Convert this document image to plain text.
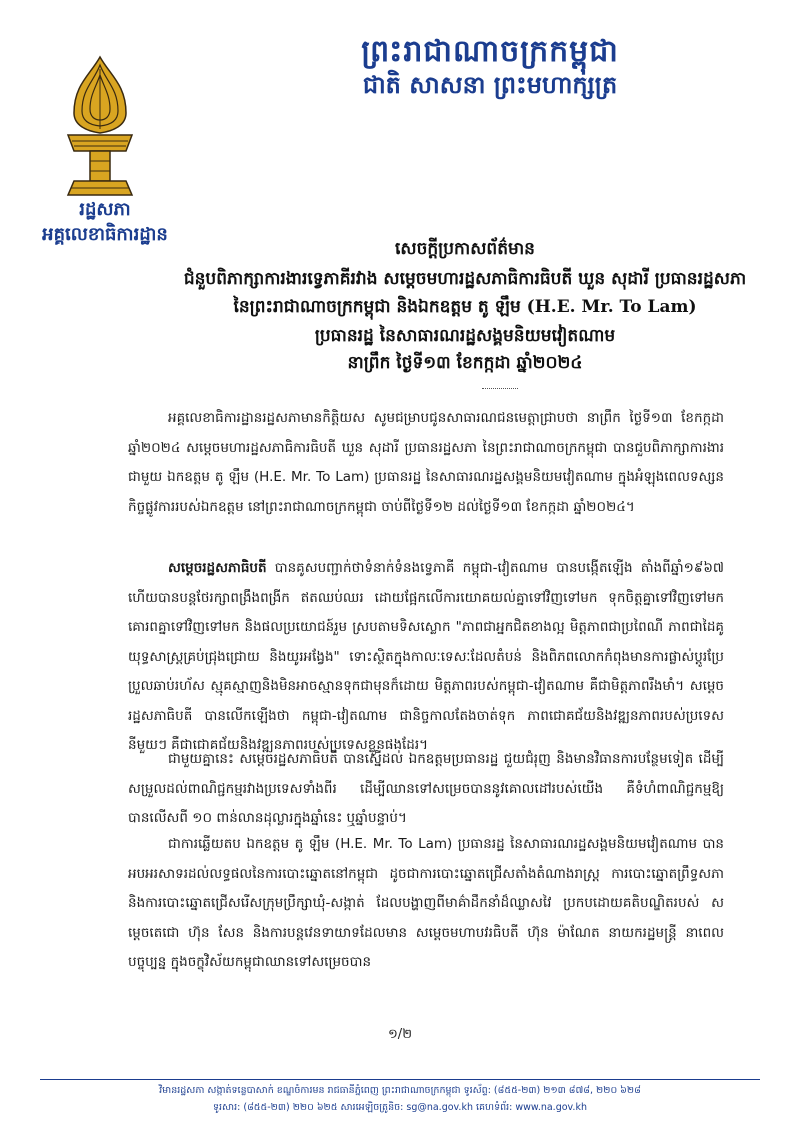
ព្រះរាជាណាចក្រកម្ពុជា
ជាតិ សាសនា ព្រះមហាក្សត្រ
រដ្ឋសភា
អគ្គលេខាធិការដ្ឋាន
សេចក្តីប្រកាសព័ត៌មាន
ជំនួបពិភាក្សាការងារទ្វេភាគីរវាង សម្តេចមហារដ្ឋសភាធិការធិបតី ឃួន សុដារី ប្រធានរដ្ឋសភា
នៃព្រះរាជាណាចក្រកម្ពុជា និងឯកឧត្តម តូ ឡឹម (H.E. Mr. To Lam)
ប្រធានរដ្ឋ នៃសាធារណរដ្ឋសង្គមនិយមវៀតណាម
នាព្រឹក ថ្ងៃទី១៣ ខែកក្កដា ឆ្នាំ២០២៤
អគ្គលេខាធិការដ្ឋានរដ្ឋសភាមានកិត្តិយស សូមជម្រាបជូនសាធារណជនមេត្តាជ្រាបថា នាព្រឹក ថ្ងៃទី១៣ ខែកក្កដា ឆ្នាំ២០២៤ សម្តេចមហារដ្ឋសភាធិការធិបតី ឃួន សុដារី ប្រធានរដ្ឋសភា នៃព្រះរាជាណាចក្រកម្ពុជា បានជួបពិភាក្សាការងារជាមួយ ឯកឧត្តម តូ ឡឹម (H.E. Mr. To Lam) ប្រធានរដ្ឋ នៃសាធារណរដ្ឋសង្គមនិយមវៀតណាម ក្នុងអំឡុងពេលទស្សនកិច្ចផ្លូវការរបស់ឯកឧត្តម នៅព្រះរាជាណាចក្រកម្ពុជា ចាប់ពីថ្ងៃទី១២ ដល់ថ្ងៃទី១៣ ខែកក្កដា ឆ្នាំ២០២៤។
សម្តេចរដ្ឋសភាធិបតី បានគូសបញ្ជាក់ថាទំនាក់ទំនងទ្វេភាគី កម្ពុជា-វៀតណាម បានបង្កើតឡើង តាំងពីឆ្នាំ១៩៦៧ ហើយបានបន្តថែរក្សាពង្រឹងពង្រីក ឥតឈប់ឈរ ដោយផ្អែកលើការយោគយល់គ្នាទៅវិញទៅមក ទុកចិត្តគ្នាទៅវិញទៅមក គោរពគ្នាទៅវិញទៅមក និងផលប្រយោជន៍រួម ស្របតាមទិសស្លោក "ភាពជាអ្នកជិតខាងល្អ មិត្តភាពជាប្រពៃណី ភាពជាដៃគូយុទ្ធសាស្ត្រគ្រប់ជ្រុងជ្រោយ និងយូរអង្វែង" ទោះស្ថិតក្នុងកាលៈទេសៈដែលតំបន់ និងពិភពលោកកំពុងមានការផ្លាស់ប្តូរប្រែប្រួលឆាប់រហ័ស ស្មុគស្មាញនិងមិនអាចស្មានទុកជាមុនក៏ដោយ មិត្តភាពរបស់កម្ពុជា-វៀតណាម គឺជាមិត្តភាពរឹងមាំ។ សម្តេចរដ្ឋសភាធិបតី បានលើកឡើងថា កម្ពុជា-វៀតណាម ជានិច្ចកាលតែងចាត់ទុក ភាពជោគជ័យនិងវឌ្ឍនភាពរបស់ប្រទេសនីមួយៗ គឺជាជោគជ័យនិងវឌ្ឍនភាពរបស់ប្រទេសខ្លួនផងដែរ។
ជាមួយគ្នានេះ សម្តេចរដ្ឋសភាធិបតី បានស្នើដល់ ឯកឧត្តមប្រធានរដ្ឋ ជួយជំរុញ និងមានវិធានការបន្ថែមទៀត ដើម្បីសម្រួលដល់ពាណិជ្ជកម្មរវាងប្រទេសទាំងពីរ ដើម្បីឈានទៅសម្រេចបាននូវគោលដៅរបស់យើង គឺទំហំពាណិជ្ជកម្មឱ្យបានលើសពី ១០ ពាន់លានដុល្លារក្នុងឆ្នាំនេះ ឬឆ្នាំបន្ទាប់។
ជាការឆ្លើយតប ឯកឧត្តម តូ ឡឹម (H.E. Mr. To Lam) ប្រធានរដ្ឋ នៃសាធារណរដ្ឋសង្គមនិយមវៀតណាម បានអបអរសាទរដល់លទ្ធផលនៃការបោះឆ្នោតនៅកម្ពុជា ដូចជាការបោះឆ្នោតជ្រើសតាំងតំណាងរាស្ត្រ ការបោះឆ្នោតព្រឹទ្ធសភា និងការបោះឆ្នោតជ្រើសរើសក្រុមប្រឹក្សាឃុំ-សង្កាត់ ដែលបង្ហាញពីមាគ៌ាដឹកនាំដ៏ឈ្លាសវៃ ប្រកបដោយគតិបណ្ឌិតរបស់ សម្តេចតេជោ ហ៊ុន សែន និងការបន្តវេនទាយាទដែលមាន សម្តេចមហាបវរធិបតី ហ៊ុន ម៉ាណែត នាយករដ្ឋមន្ត្រី នាពេលបច្ចុប្បន្ន ក្នុងចក្ខុវិស័យកម្ពុជាឈានទៅសម្រេចបាន
១/២
វិមានរដ្ឋសភា សង្កាត់ទន្លេបាសាក់ ខណ្ឌចំការមន រាជធានីភ្នំពេញ ព្រះរាជាណាចក្រកម្ពុជា ទូរស័ព្ទ: (៨៥៥-២៣) ២១៣ ៨៧៨, ២២០ ៦២៨
ទូរសារ: (៨៥៥-២៣) ២២០ ៦២៥ សារអេឡិចត្រូនិច: sg@na.gov.kh គេហទំព័រ: www.na.gov.kh
